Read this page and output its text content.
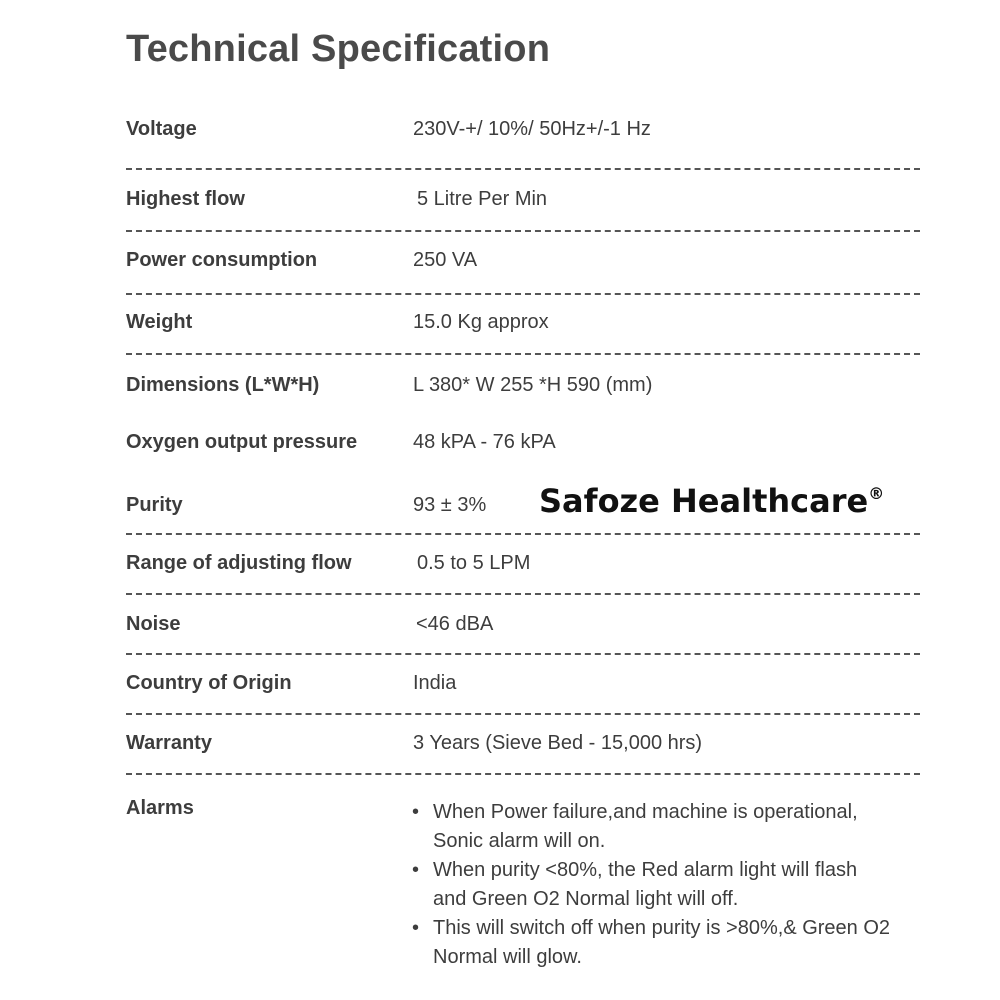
Technical Specification
Voltage	230V-+/ 10%/ 50Hz+/-1 Hz
Highest flow	5 Litre Per Min
Power consumption	250 VA
Weight	15.0 Kg approx
Dimensions (L*W*H)	L 380* W 255 *H 590 (mm)
Oxygen output pressure	48 kPA - 76 kPA
Purity	93 ± 3%
Range of adjusting flow	0.5 to 5 LPM
Noise	<46 dBA
Country of Origin	India
Warranty	3 Years (Sieve Bed - 15,000 hrs)
Alarms	• When Power failure,and machine is operational, Sonic alarm will on.
• When purity <80%, the Red alarm light will flash and Green O2 Normal light will off.
• This will switch off when purity is >80%,& Green O2 Normal will glow.
Safoze Healthcare®
